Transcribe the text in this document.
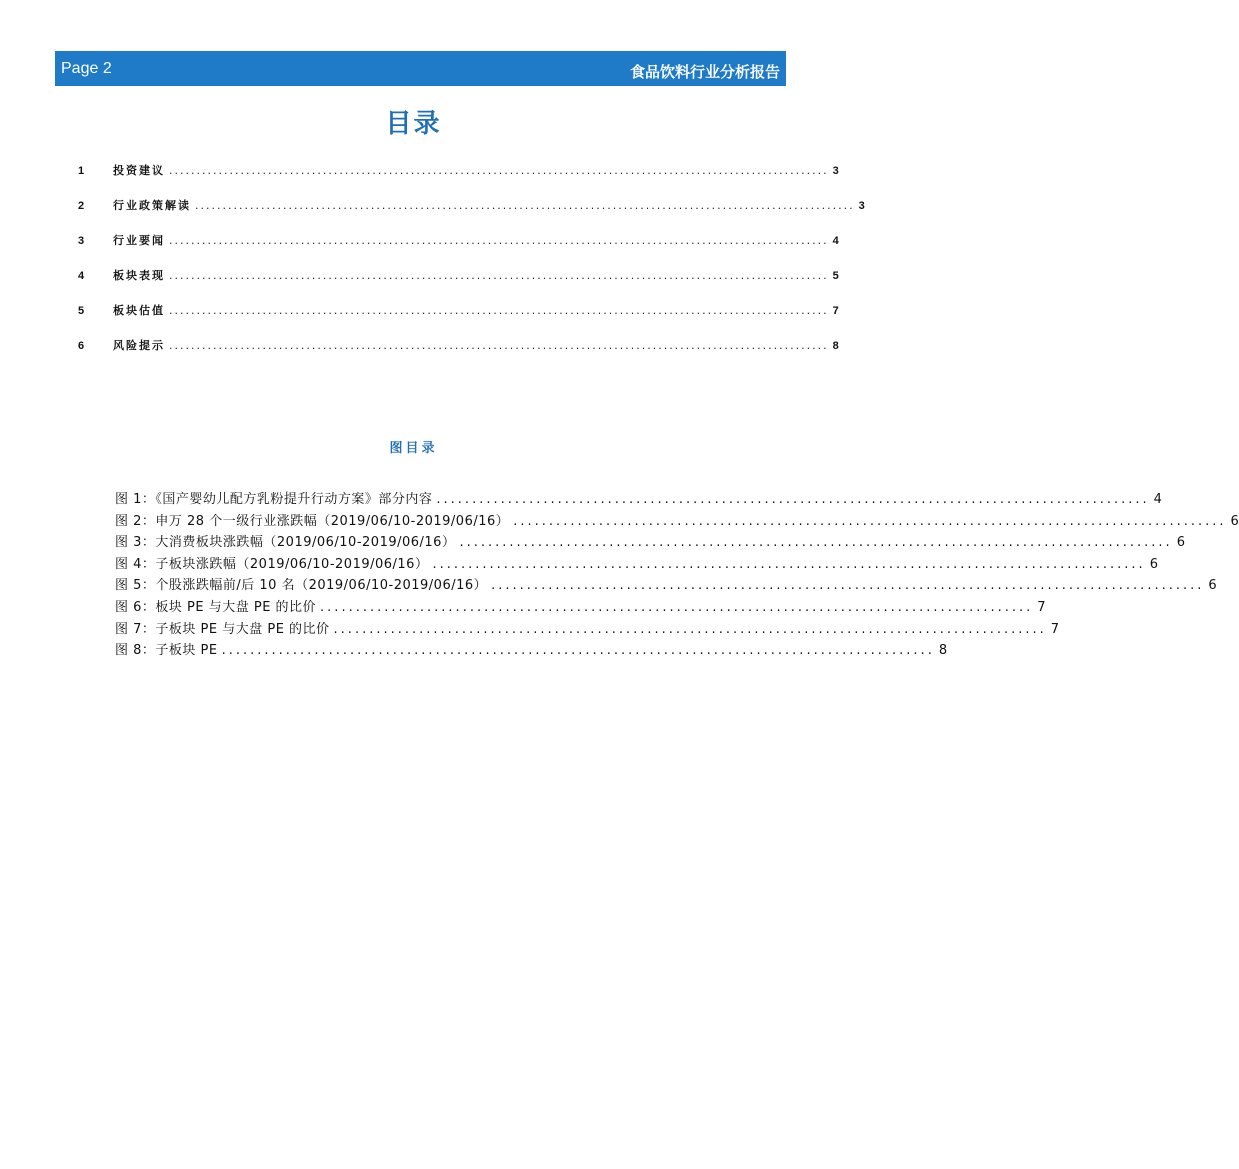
Page 2	食品饮料行业分析报告
目录
1	投资建议 ........................................................................................................................ 3
2	行业政策解读 ........................................................................................................................ 3
3	行业要闻 ........................................................................................................................ 4
4	板块表现 ........................................................................................................................ 5
5	板块估值 ........................................................................................................................ 7
6	风险提示 ........................................................................................................................ 8
图目录
图 1：《国产婴幼儿配方乳粉提升行动方案》部分内容 .................................................................................................... 4
图 2：申万 28 个一级行业涨跌幅（2019/06/10-2019/06/16） .................................................................................................... 6
图 3：大消费板块涨跌幅（2019/06/10-2019/06/16） .................................................................................................... 6
图 4：子板块涨跌幅（2019/06/10-2019/06/16） .................................................................................................... 6
图 5：个股涨跌幅前/后 10 名（2019/06/10-2019/06/16） .................................................................................................... 6
图 6：板块 PE 与大盘 PE 的比价 .................................................................................................... 7
图 7：子板块 PE 与大盘 PE 的比价 .................................................................................................... 7
图 8：子板块 PE .................................................................................................... 8
